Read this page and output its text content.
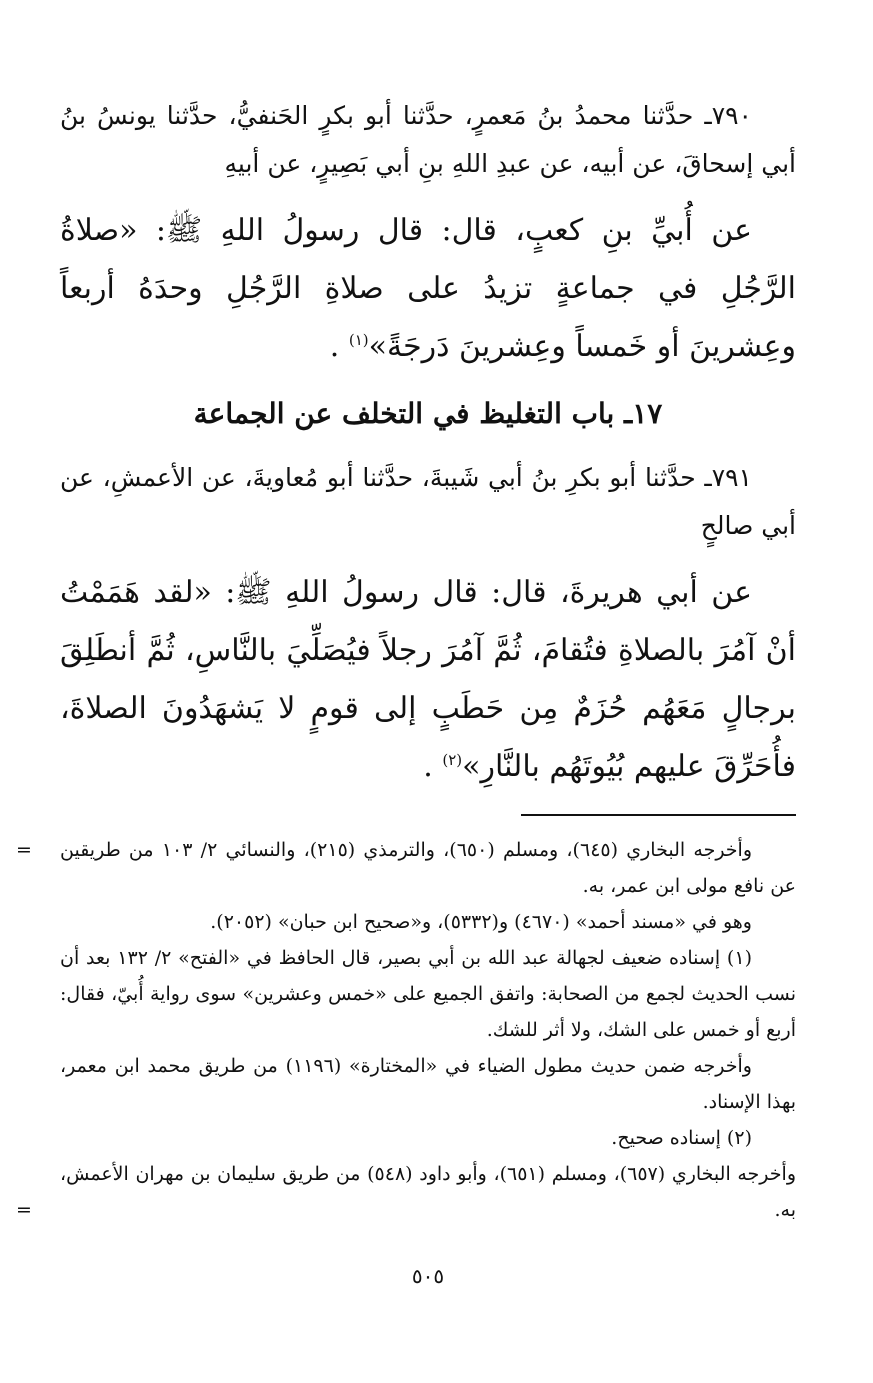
٧٩٠ـ حدَّثنا محمدُ بنُ مَعمرٍ، حدَّثنا أبو بكرٍ الحَنفيُّ، حدَّثنا يونسُ بنُ أبي إسحاقَ، عن أبيه، عن عبدِ اللهِ بنِ أبي بَصِيرٍ، عن أبيهِ

عن أُبيِّ بنِ كعبٍ، قال: قال رسولُ اللهِ ﷺ: «صلاةُ الرَّجُلِ في جماعةٍ تزيدُ على صلاةِ الرَّجُلِ وحدَهُ أربعاً وعِشرينَ أو خَمساً وعِشرينَ دَرجَةً»$^{(١)}$ .

١٧ـ باب التغليظ في التخلف عن الجماعة

٧٩١ـ حدَّثنا أبو بكرِ بنُ أبي شَيبةَ، حدَّثنا أبو مُعاويةَ، عن الأعمشِ، عن أبي صالحٍ

عن أبي هريرةَ، قال: قال رسولُ اللهِ ﷺ: «لقد هَمَمْتُ أنْ آمُرَ بالصلاةِ فتُقامَ، ثُمَّ آمُرَ رجلاً فيُصَلِّيَ بالنَّاسِ، ثُمَّ أنطَلِقَ برجالٍ مَعَهُم حُزَمٌ مِن حَطَبٍ إلى قومٍ لا يَشهَدُونَ الصلاةَ، فأُحَرِّقَ عليهم بُيُوتَهُم بالنَّارِ»$^{(٢)}$ .

= وأخرجه البخاري (٦٤٥)، ومسلم (٦٥٠)، والترمذي (٢١٥)، والنسائي ٢/ ١٠٣ من طريقين عن نافع مولى ابن عمر، به.

وهو في «مسند أحمد» (٤٦٧٠) و(٥٣٣٢)، و«صحيح ابن حبان» (٢٠٥٢).

(١) إسناده ضعيف لجهالة عبد الله بن أبي بصير، قال الحافظ في «الفتح» ٢/ ١٣٢ بعد أن نسب الحديث لجمع من الصحابة: واتفق الجميع على «خمس وعشرين» سوى رواية أُبيّ، فقال: أربع أو خمس على الشك، ولا أثر للشك.

وأخرجه ضمن حديث مطول الضياء في «المختارة» (١١٩٦) من طريق محمد ابن معمر، بهذا الإسناد.

(٢) إسناده صحيح.

=

وأخرجه البخاري (٦٥٧)، ومسلم (٦٥١)، وأبو داود (٥٤٨) من طريق سليمان بن مهران الأعمش، به.

٥٠٥
